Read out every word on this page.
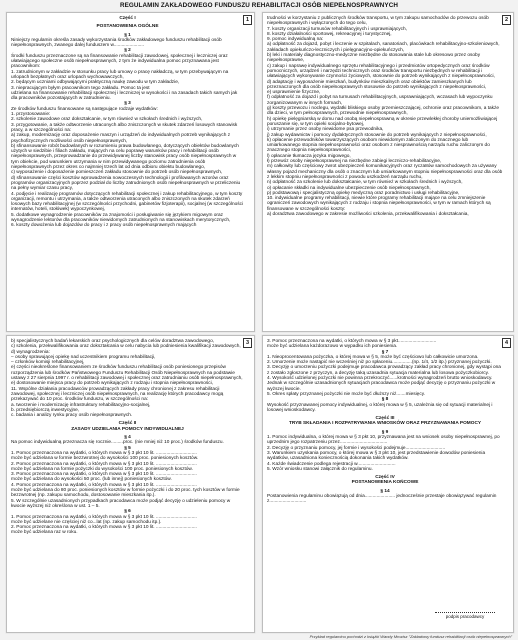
REGULAMIN ZAKŁADOWEGO FUNDUSZU REHABILITACJI OSÓB NIEPEŁNOSPRAWNYCH
1

Część I

POSTANOWIENIA OGÓLNE

§ 1

Niniejszy regulamin określa zasady wykorzystania środków zakładowego funduszu rehabilitacji osób niepełnosprawnych, zwanego dalej funduszem w.......................

§ 2

Środki funduszu przeznaczone są na finansowanie rehabilitacji zawodowej, społecznej i leczniczej oraz ułatwiającego społeczne osób niepełnosprawnych, z tym że indywidualna pomoc przyznawana jest pracownikom:

1. zatrudnionym w zakładzie w stosunku pracy lub umowy o pracę nakładczą, w tym przebywającym na urlopach bezpłatnych oraz urlopach wychowawczych,

2. będącym uczniami odbywającymi praktyczną naukę zawodu w tym zakładzie,

3. niepracującym byłym pracownikom tego zakładu. Pomoc ta jest

udzielana na finansowanie rehabilitacji społecznej i leczniczej w wysokości i na zasadach takich samych jak dla pracowników pozostających w zatrudnieniu.

§ 3

Ze środków funduszu finansowane są następujące rodzaje wydatków:

1. przystosowanie:

2. szkolenie zawodowe oraz dokształcanie, w tym również w szkołach średnich i wyższych,

3. przygotowanie, a także odtworzenie utraconych albo zniszczonych w skutek zdarzeń losowych stanowisk pracy, a w szczególności na:

a) zakup, modernizację oraz doposażenie maszyn i urządzeń do indywidualnych potrzeb wynikających z psychofizycznych możliwości osób niepełnosprawnych,

b) sfinansowanie robót budowlanych w rozumieniu prawa budowlanego, dotyczących obiektów budowlanych użytych w siedzibie i filiach zakładu, mających na celu poprawę warunków pracy i rehabilitacji osób niepełnosprawnych, przeprowadzanie do przewidywanej liczby stanowisk pracy osób niepełnosprawnych w tym obiekcie, pod warunkiem utrzymania w nim przewidywanego poziomu zatrudnienia osób niepełnosprawnych przez okres co najmniej trzech lat od dnia odbioru obiektu budowlanego,

c) wyposażenie i doposażenie pomieszczeń zakładu stosownie do potrzeb osób niepełnosprawnych,

d) sfinansowanie części kosztów wprowadzenia nowoczesnych technologii i profilowanych wzorów oraz programów organizacyjnych poprzez podział do liczby zatrudnionych osób niepełnosprawnych w przeliczeniu na pełny wymiar czasu pracy,

4. podjęcie i realizację programów dotyczących rehabilitacji społecznej i zakup rehabilitacyjnego, w tym koszty organizacji, remontu i utrzymania, a także odtworzenia utraconych albo zniszczonych na skutek zdarzeń losowych bazy rehabilitacyjnej (w szczególności przychodni, gabinetów fizjoterapii), socjalnej (w szczególności internatów, hoteli, stołówek) wypoczynkowej,

5. dodatkowe wynagrodzenie pracowników za znajomości i posługiwanie się językiem migowym oraz wynagrodzenie lektorów dla pracowników niewidomych zatrudnionych na stanowiskach merytorycznych,

6. koszty dowożenia lub dojazdów do pracy i z pracy osób niepełnosprawnych mających

2

trudności w korzystaniu z publicznych środków transportu, w tym zakupu samochodów do przewozu osób niepełnosprawnych i wyłączonych do tego celu,

7. koszty organizacji turnusów rehabilitacyjnych i usprawniających,

8. koszty działalności sportowej, rekreacyjnej i turystycznej,

9. pomoc indywidualną na:

a) odpłatność za dojazd, pobyt i leczenie w szpitalach, sanatoriach, placówkach rehabilitacyjno-szkoleniowych, zakładach opiekuńczo-leczniczych i pielęgnacyjno-opiekuńczych,

b) leki i materiały diagnostyczno-medyczne niezbędne do stosowania stale lub okresowo przez osoby niepełnosprawne,

c) zakup i naprawę indywidualnego sprzętu rehabilitacyjnego i przedmiotów ortopedycznych oraz środków pomocniczych, urządzeń i narzędzi technicznych oraz środków transportu niezbędnych w rehabilitacji i ułatwiających wykonywanie czynności życiowych, stosownie do potrzeb wynikających z niepełnosprawności,

d) adaptację i wyposażenie mieszkań, budynków mieszkalnych oraz obiektów zamieszkanych lub przeznaczonych dla osób niepełnosprawnych stosownie do potrzeb wynikających z niepełnosprawności,

e) usprawnienie fizyczne,

f) odpłatność za dojazd i pobyt na turnusach rehabilitacyjnych, usprawniających, wczasach lub wypoczynku zorganizowanym w innych formach,

g) koszty przewozu i noclegu, wydatki bliskiego osoby przemieszczającej, ochronie oraz pracownikom, a także dla dzieci, w tym pełnosprawnych, przewodnie niepełnosprawnych,

h) opiekę pielęgniarską w domu nad osobą niepełnosprawną w okresie przewlekłej choroby uniemożliwiającej poruszanie się, w tym opieki socjalno-bytowej,

i) utrzymanie przez osoby niewidome psa przewodnika,

j) zakup wydawnictw i pomocy dydaktycznych stosownie do potrzeb wynikających z niepełnosprawności,

k) opłacenie przewodników towarzyszących osobom niewidomym zaliczonym do znacznego lub umiarkowanego stopnia niepełnosprawności oraz osobom z niesprawnością narządu ruchu zaliczonym do znacznego stopnia niepełnosprawności,

l) opłacanie tłumacza języka migowego,

ł) przewóz osoby niepełnosprawnej na niezbędne zabiegi leczniczo-rehabilitacyjne,

m) całkowity lub częściowy zwrot ubezpieczeń komunikacyjnych oraz rycza8ów samochodowych za używany własny pojazd mechaniczny dla osób o znacznym lub umiarkowanym stopniu niepełnosprawności oraz dla osób z lekkim stopniu niepełnosprawności z powodu uszkodzeń narządu ruchu,

n) odpłatność za szkolenie lub dokształcanie, w tym również w szkołach średnich i wyższych,

o) opłacanie składki na indywidualne ubezpieczenie osób niepełnosprawnych,

p) podstawową i specjalistyczną opiekę medyczną oraz poradnictwo i usługi rehabilitacyjne,

10. indywidualne programy rehabilitacji, niewie które programy rehabilitacji mające na celu zmniejszenie ograniczeń zawodowych wynikających z rodzaju i stopnia niepełnosprawności, w tym w ramach których są finansowane w szczególności koszty:

a) doradztwa zawodowego w zakresie możliwości szkolenia, przekwalifikowania i dokształcania,

3

b) specjalistycznych badań lekarskich oraz psychologicznych dla celów doradztwa zawodowego,

c) szkolenia, przekwalifikowania oraz dokształcania w celu nabycia lub podniesienia kwalifikacji zawodowych,

d) wynagrodzenia:

– osoby sprawującej opiekę nad uczestnikiem programu rehabilitacji,

– członków komisji rehabilitacyjnej,

e) części nieokreślone finansowaniem ze środków funduszu rehabilitacji osób poniesionego przepisów rozporządzenia lub środków Państwowego Funduszu Rehabilitacji Osób Niepełnosprawnych na podstawie ustawy z 27 sierpnia 1997 r. o rehabilitacji zawodowej i społecznej oraz zatrudnianiu osób niepełnosprawnych,

e) dostosowanie miejsca pracy do potrzeb wynikających z rodzaju i stopnia niepełnosprawności,

11. Wspólne działania pracodawców prowadzących zakłady pracy chronionej z zakresu rehabilitacji zawodowej, społecznej i leczniczej osób niepełnosprawnych, na realizację których pracodawcy mogą przekazywać do 10 proc. środków funduszu, w szczególności na:

a. tworzenie i modernizację infrastruktury rehabilitacyjno-socjalnej,

b. przedsiębiorczą inwestycyjne,

c. badania i analizy rynku pracy osób niepełnosprawnych.

Część II

ZASADY UDZIELANIA POMOCY INDYWIDUALNEJ

§ 4

Na pomoc indywidualną przeznacza się rocznie.........proc. (nie mniej niż 10 proc.) środków funduszu.

§ 5

1. Pomoc przeznaczona na wydatki, o których mowa w § 3 pkt 10 lit. ...............................

może być udzielana w formie bezzwrotnej do wysokości 100 proc. poniesionych kosztów.

2. Pomoc przeznaczona na wydatki, o których mowa w § 3 pkt 10 lit. ...............................

może być udzielana na formie pożyczki do wysokości 100 proc. poniesionych kosztów.

3. Pomoc przeznaczona na wydatki, o których mowa w § 3 pkt 10 lit. ...............................

może być udzielana do wysokości 50 proc. (lub innej) poniesionych kosztów.

4. Pomoc przeznaczona na wydatki, o których mowa w § 3 pkt 10 lit. ...............................

może być udzielana do 80 proc. poniesionych kosztów w formie pożyczki i do 20 proc. tych kosztów w formie bezzwrotnej (np. zakupu samochodu, dostosowanie mieszkania itp.).

5. W szczególnie uzasadnionych przypadkach pracodawca może podjąć decyzję o udzieleniu pomocy w kwocie wyższej niż określona w ust. 1 – 5.

§ 6

1. Pomoc przeznaczona na wydatki, o których mowa w § 3 pkt 10 lit. ...............................

może być udzielane nie częściej niż co...lat (np. zakup samochodu itp.).

2. Pomoc przeznaczona na wydatki, o których mowa w § 3 pkt 10 lit. ...............................

może być udzielana raz w roku.

4

3. Pomoc przeznaczona na wydatki, o których mowa w § 3 pkt.............................

może być udzielana każdorazowo w wypadku ich poniesienia.

§ 7

1. Nieoprocentowana pożyczka, o której mowa w § 5, może być częściowo lub całkowicie umorzona.

2. Umorzenie może nastąpić nie wcześniej niż po spłaceniu...............(np. 1/4, 1/2 itp.) przyznanej pożyczki.

3. Decyzję o umorzeniu pożyczki podejmuje pracodawca prowadzący zakład pracy chronionej, gdy wystąpi ona z zostało zgłoszone z przyczyn, a decyzję taką uzasadnia sytuacja materialna lub losowa pożyczkobiorcy.

4. Wysokość udzielonej pożyczki nie powinna przekroczyć......krotności wynagrodzeń brutto wnioskodawcy. Jednak w szczególnie uzasadnionych sytuacjach pracodawca może podjąć decyzję o przyznaniu pożyczki w wyższej kwocie.

5. Okres spłaty przyznanej pożyczki nie może być dłuższy niż.......miesięcy.

§ 8

Wysokość przyznawanej pomocy indywidualnej, o której mowa w § 5, uzależnia się od sytuacji materialnej i losowej wnioskodawcy.

Część III

TRYB SKŁADANIA I ROZPATRYWANIA WNIOSKÓW ORAZ PRZYZNAWANIA POMOCY

§ 9

1. Pomoc indywidualna, o której mowa w § 3 pkt 10, przyznawana jest na wniosek osoby niepełnosprawnej, po uprzednim jego rozpatrzeniu przez....................................

2. Decyzję o przyznaniu pomocy, jej formie i wysokości podejmuje..............................

3. Warunkiem uzyskania pomocy, o której mowa w § 3 pkt 10, jest przedstawienie dowodów poniesienia wydatków, uzasadniona koniecznością dokonania takich wydatków.

4. Każde świadczenie podlega rejestracji w.............................

5. Wzór wniosku stanowi załącznik do regulaminu.

Część IV

POSTANOWIENIA KOŃCOWE

§ 14

Postanowienia regulaminu obowiązują od dnia....................... jednocześnie przestaje obowiązywać regulamin z............................

podpis pracodawcy
Przykład regulaminu pochodzi z książki Wandy Mrozisz "Zakładowy fundusz rehabilitacji osób niepełnosprawnych"
